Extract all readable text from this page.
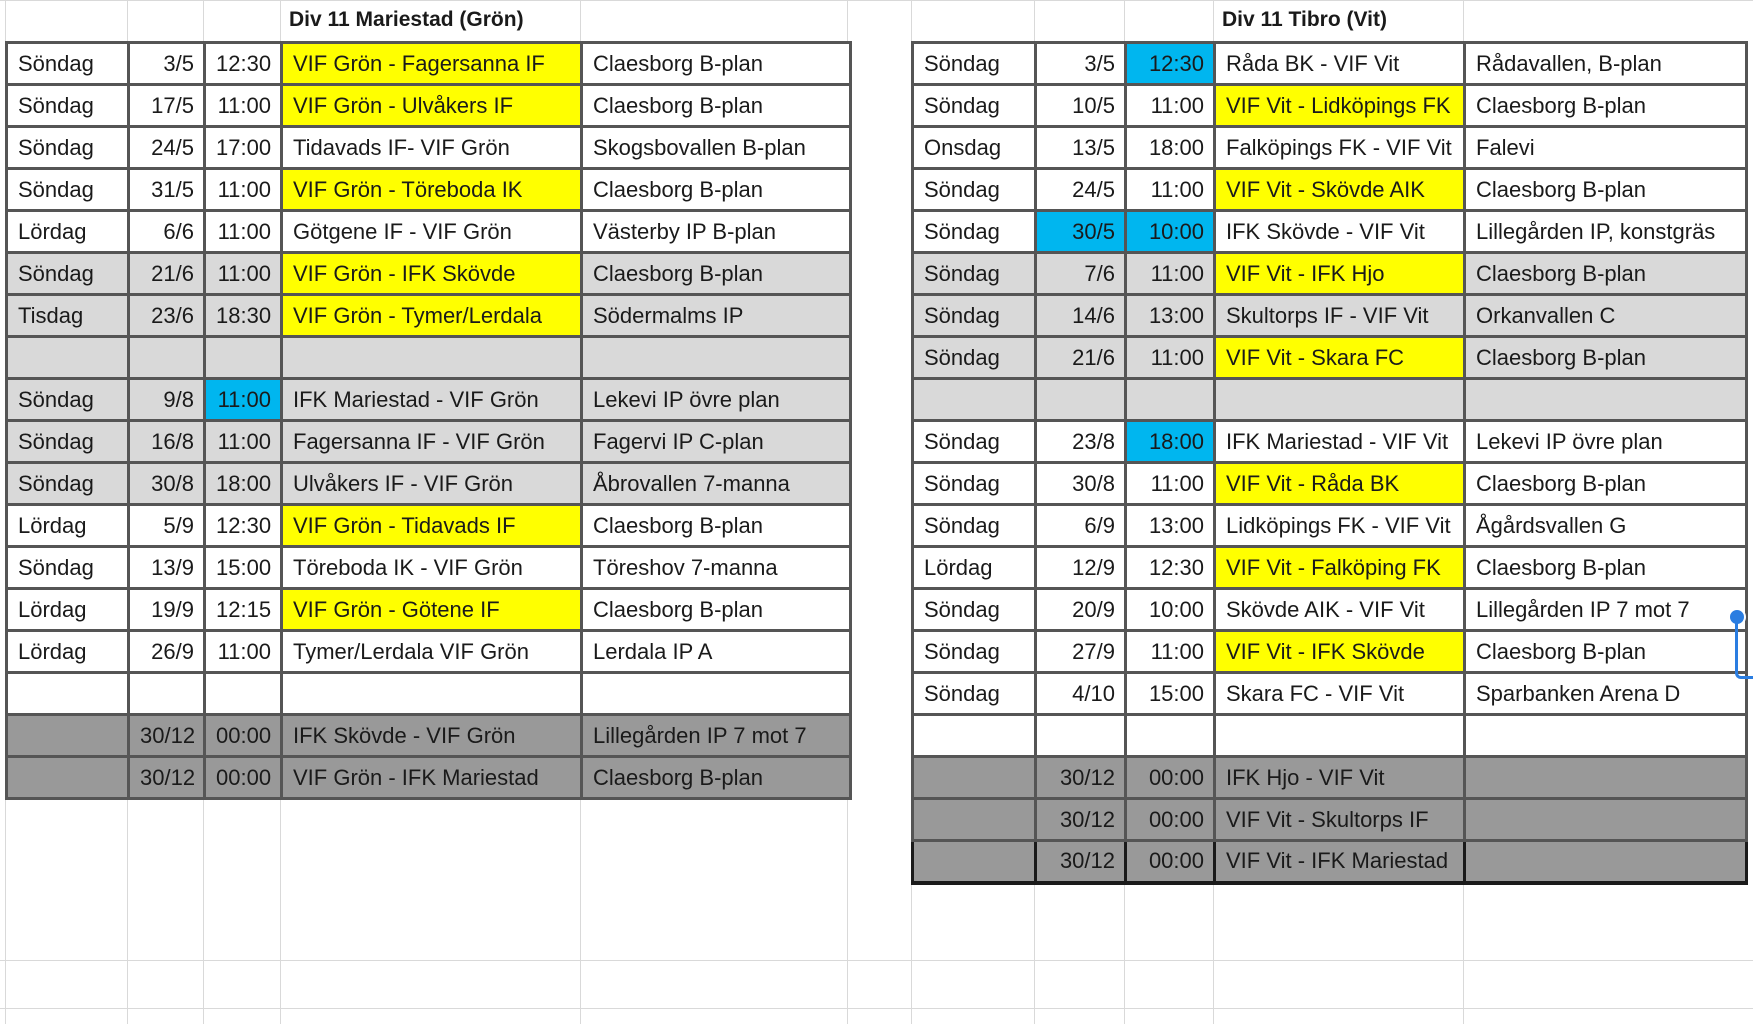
Div 11 Mariestad (Grön)	Div 11 Tibro (Vit)
Söndag	3/5	12:30	VIF Grön - Fagersanna IF	Claesborg B-plan
Söndag	17/5	11:00	VIF Grön - Ulvåkers IF	Claesborg B-plan
Söndag	24/5	17:00	Tidavads IF- VIF Grön	Skogsbovallen B-plan
Söndag	31/5	11:00	VIF Grön - Töreboda IK	Claesborg B-plan
Lördag	6/6	11:00	Götgene IF - VIF Grön	Västerby IP B-plan
Söndag	21/6	11:00	VIF Grön - IFK Skövde	Claesborg B-plan
Tisdag	23/6	18:30	VIF Grön - Tymer/Lerdala	Södermalms IP

Söndag	9/8	11:00	IFK Mariestad - VIF Grön	Lekevi IP övre plan
Söndag	16/8	11:00	Fagersanna IF - VIF Grön	Fagervi IP C-plan
Söndag	30/8	18:00	Ulvåkers IF - VIF Grön	Åbrovallen 7-manna
Lördag	5/9	12:30	VIF Grön - Tidavads IF	Claesborg B-plan
Söndag	13/9	15:00	Töreboda IK - VIF Grön	Töreshov 7-manna
Lördag	19/9	12:15	VIF Grön - Götene IF	Claesborg B-plan
Lördag	26/9	11:00	Tymer/Lerdala VIF Grön	Lerdala IP A

	30/12	00:00	IFK Skövde - VIF Grön	Lillegården IP 7 mot 7
	30/12	00:00	VIF Grön - IFK Mariestad	Claesborg B-plan
Söndag	3/5	12:30	Råda BK - VIF Vit	Rådavallen, B-plan
Söndag	10/5	11:00	VIF Vit - Lidköpings FK	Claesborg B-plan
Onsdag	13/5	18:00	Falköpings FK - VIF Vit	Falevi
Söndag	24/5	11:00	VIF Vit - Skövde AIK	Claesborg B-plan
Söndag	30/5	10:00	IFK Skövde - VIF Vit	Lillegården IP, konstgräs
Söndag	7/6	11:00	VIF Vit - IFK Hjo	Claesborg B-plan
Söndag	14/6	13:00	Skultorps IF - VIF Vit	Orkanvallen C
Söndag	21/6	11:00	VIF Vit - Skara FC	Claesborg B-plan

Söndag	23/8	18:00	IFK Mariestad - VIF Vit	Lekevi IP övre plan
Söndag	30/8	11:00	VIF Vit - Råda BK	Claesborg B-plan
Söndag	6/9	13:00	Lidköpings FK - VIF Vit	Ågårdsvallen G
Lördag	12/9	12:30	VIF Vit - Falköping FK	Claesborg B-plan
Söndag	20/9	10:00	Skövde AIK - VIF Vit	Lillegården IP 7 mot 7
Söndag	27/9	11:00	VIF Vit - IFK Skövde	Claesborg B-plan
Söndag	4/10	15:00	Skara FC - VIF Vit	Sparbanken Arena D

	30/12	00:00	IFK Hjo - VIF Vit	
	30/12	00:00	VIF Vit - Skultorps IF	
	30/12	00:00	VIF Vit - IFK Mariestad	
